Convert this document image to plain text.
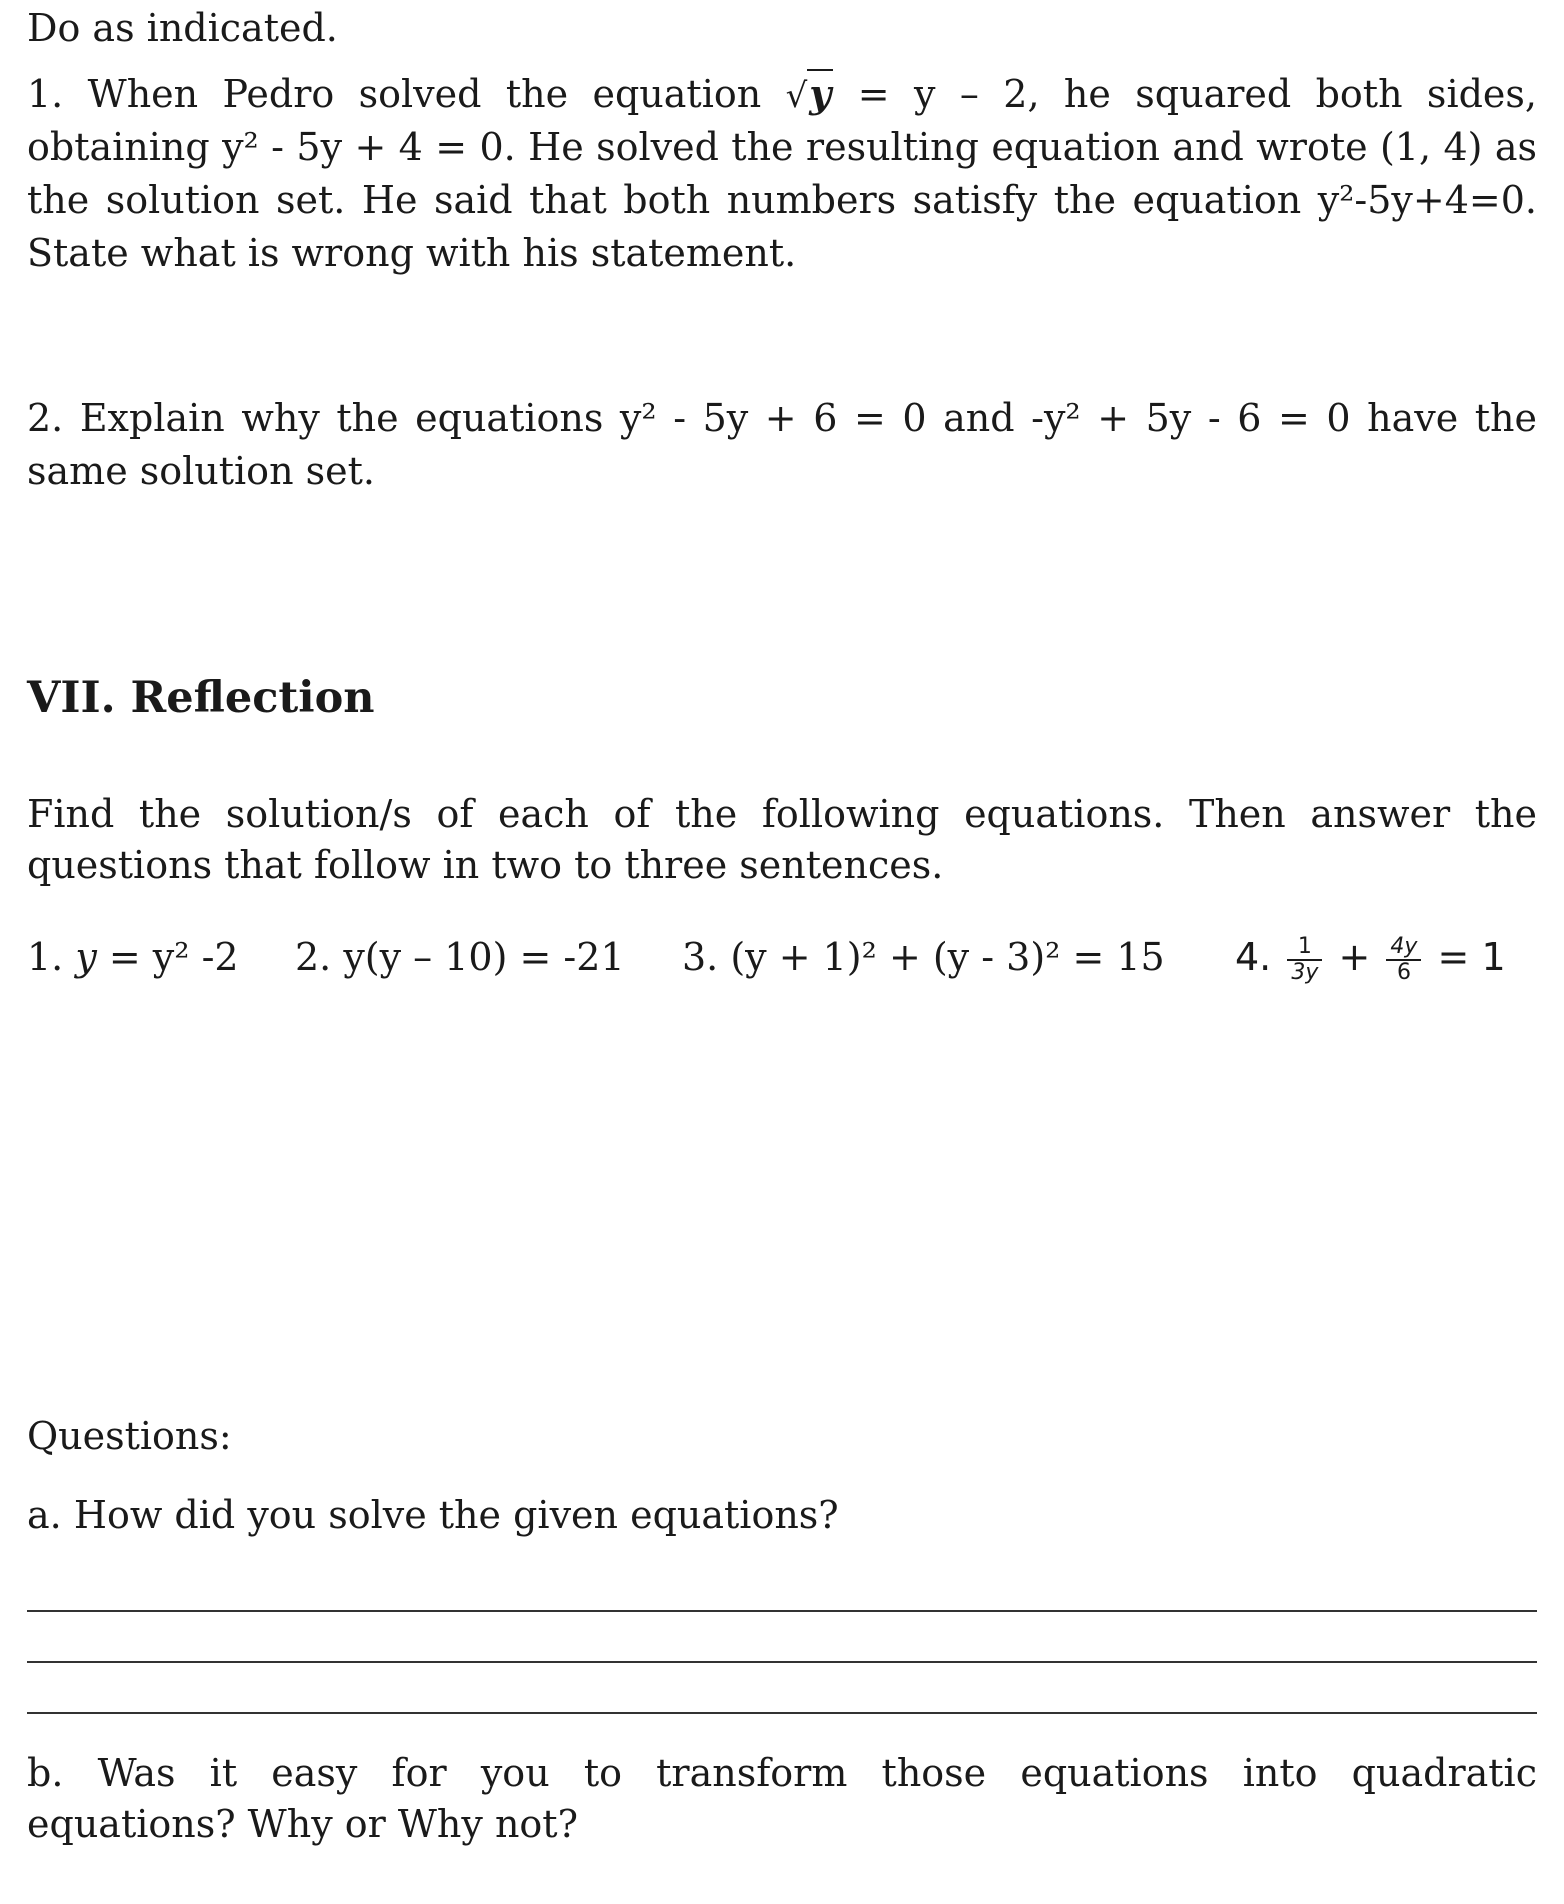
Do as indicated.
1. When Pedro solved the equation √y = y – 2, he squared both sides,
obtaining y² - 5y + 4 = 0. He solved the resulting equation and wrote (1, 4) as
the solution set. He said that both numbers satisfy the equation y²-5y+4=0.
State what is wrong with his statement.
2. Explain why the equations y² - 5y + 6 = 0 and -y² + 5y - 6 = 0 have the
same solution set.
VII. Reflection
Find the solution/s of each of the following equations. Then answer the
questions that follow in two to three sentences.
1. y = y² -2 2. y(y – 10) = -21 3. (y + 1)² + (y - 3)² = 15 4. $\frac{1}{3y} + \frac{4y}{6} = 1$
Questions:
a. How did you solve the given equations?
b. Was it easy for you to transform those equations into quadratic
equations? Why or Why not?
